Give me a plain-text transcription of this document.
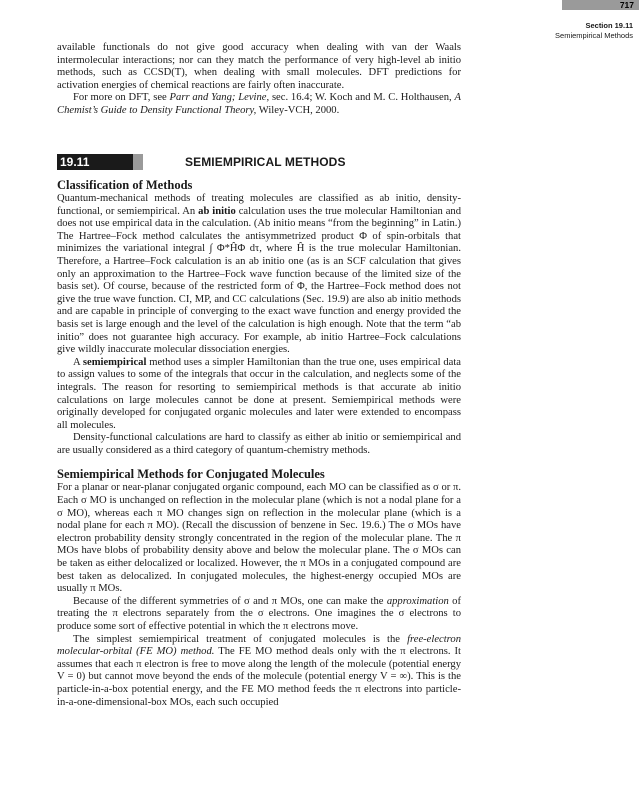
717
Section 19.11
Semiempirical Methods

available functionals do not give good accuracy when dealing with van der Waals intermolecular interactions; nor can they match the performance of very high-level ab initio methods, such as CCSD(T), when dealing with small molecules. DFT predictions for activation energies of chemical reactions are fairly often inaccurate.

For more on DFT, see Parr and Yang; Levine, sec. 16.4; W. Koch and M. C. Holthausen, A Chemist’s Guide to Density Functional Theory, Wiley-VCH, 2000.

19.11	SEMIEMPIRICAL METHODS
Classification of Methods

Quantum-mechanical methods of treating molecules are classified as ab initio, density-functional, or semiempirical. An ab initio calculation uses the true molecular Hamiltonian and does not use empirical data in the calculation. (Ab initio means “from the beginning” in Latin.) The Hartree–Fock method calculates the antisymmetrized product Φ of spin-orbitals that minimizes the variational integral ∫ Φ*ĤΦ dτ, where Ĥ is the true molecular Hamiltonian. Therefore, a Hartree–Fock calculation is an ab initio one (as is an SCF calculation that gives only an approximation to the Hartree–Fock wave function because of the limited size of the basis set). Of course, because of the restricted form of Φ, the Hartree–Fock method does not give the true wave function. CI, MP, and CC calculations (Sec. 19.9) are also ab initio methods and are capable in principle of converging to the exact wave function and energy provided the basis set is large enough and the level of the calculation is high enough. Note that the term “ab initio” does not guarantee high accuracy. For example, ab initio Hartree–Fock calculations give wildly inaccurate molecular dissociation energies.

A semiempirical method uses a simpler Hamiltonian than the true one, uses empirical data to assign values to some of the integrals that occur in the calculation, and neglects some of the integrals. The reason for resorting to semiempirical methods is that accurate ab initio calculations on large molecules cannot be done at present. Semiempirical methods were originally developed for conjugated organic molecules and later were extended to encompass all molecules.

Density-functional calculations are hard to classify as either ab initio or semiempirical and are usually considered as a third category of quantum-chemistry methods.

Semiempirical Methods for Conjugated Molecules

For a planar or near-planar conjugated organic compound, each MO can be classified as σ or π. Each σ MO is unchanged on reflection in the molecular plane (which is not a nodal plane for a σ MO), whereas each π MO changes sign on reflection in the molecular plane (which is a nodal plane for each π MO). (Recall the discussion of benzene in Sec. 19.6.) The σ MOs have electron probability density strongly concentrated in the region of the molecular plane. The π MOs have blobs of probability density above and below the molecular plane. The σ MOs can be taken as either delocalized or localized. However, the π MOs in a conjugated compound are best taken as delocalized. In conjugated molecules, the highest-energy occupied MOs are usually π MOs.

Because of the different symmetries of σ and π MOs, one can make the approximation of treating the π electrons separately from the σ electrons. One imagines the σ electrons to produce some sort of effective potential in which the π electrons move.

The simplest semiempirical treatment of conjugated molecules is the free-electron molecular-orbital (FE MO) method. The FE MO method deals only with the π electrons. It assumes that each π electron is free to move along the length of the molecule (potential energy V = 0) but cannot move beyond the ends of the molecule (potential energy V = ∞). This is the particle-in-a-box potential energy, and the FE MO method feeds the π electrons into particle-in-a-one-dimensional-box MOs, each such occupied
